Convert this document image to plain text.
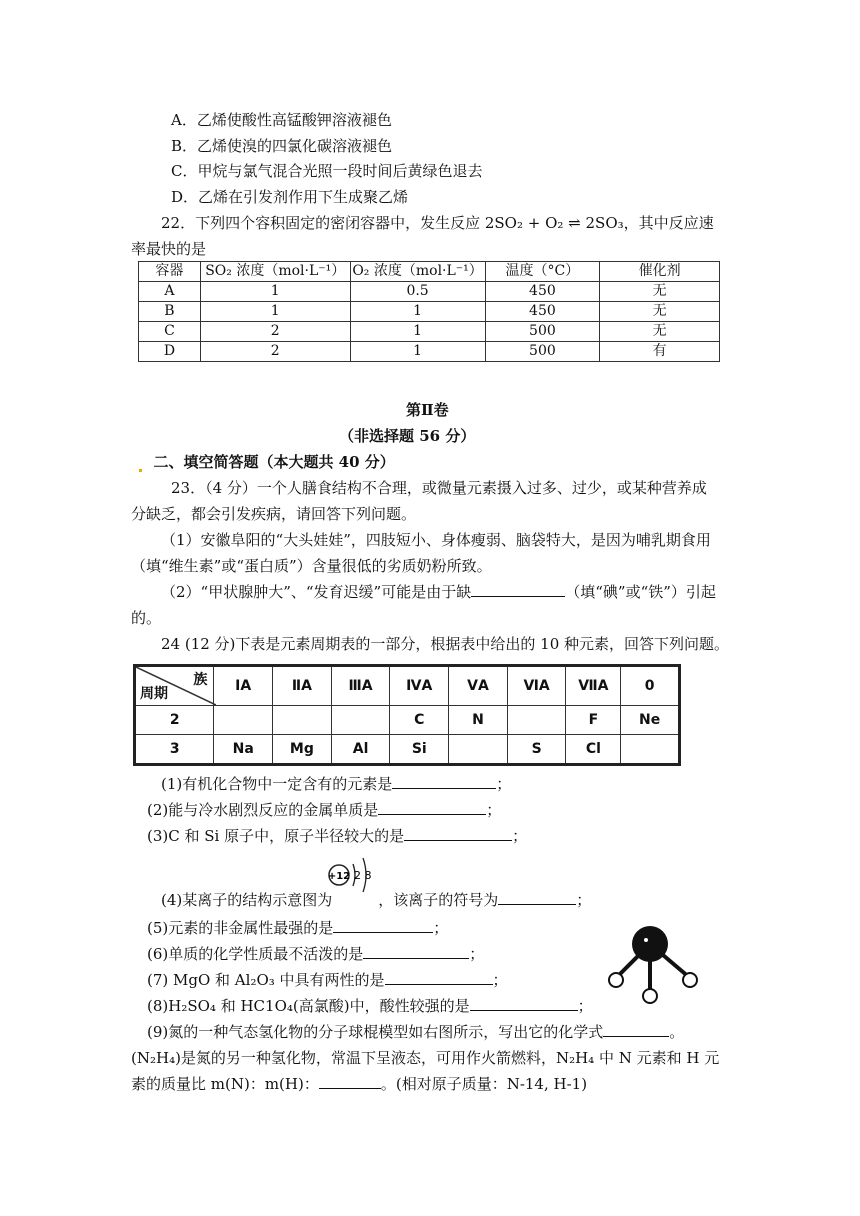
A．乙烯使酸性高锰酸钾溶液褪色
B．乙烯使溴的四氯化碳溶液褪色
C．甲烷与氯气混合光照一段时间后黄绿色退去
D．乙烯在引发剂作用下生成聚乙烯
22．下列四个容积固定的密闭容器中，发生反应 2SO₂ + O₂ ⇌ 2SO₃，其中反应速
率最快的是
容器	SO₂ 浓度（mol·L⁻¹）	O₂ 浓度（mol·L⁻¹）	温度（°C）	催化剂
A	1	0.5	450	无
B	1	1	450	无
C	2	1	500	无
D	2	1	500	有
第Ⅱ卷
（非选择题 56 分）
二、填空简答题（本大题共 40 分）
23．（4 分）一个人膳食结构不合理，或微量元素摄入过多、过少，或某种营养成
分缺乏，都会引发疾病，请回答下列问题。
（1）安徽阜阳的“大头娃娃”，四肢短小、身体瘦弱、脑袋特大，是因为哺乳期食用
（填“维生素”或“蛋白质”）含量很低的劣质奶粉所致。
（2）“甲状腺肿大”、“发育迟缓”可能是由于缺	（填“碘”或“铁”）引起
的。
24 (12 分)下表是元素周期表的一部分，根据表中给出的 10 种元素，回答下列问题。
族
周期	ⅠA	ⅡA	ⅢA	ⅣA	ⅤA	ⅥA	ⅦA	0
2				C	N		F	Ne
3	Na	Mg	Al	Si		S	Cl	
(1)有机化合物中一定含有的元素是	；
(2)能与冷水剧烈反应的金属单质是	；
(3)C 和 Si 原子中，原子半径较大的是	；
+12 2 8
(4)某离子的结构示意图为	，该离子的符号为	；
(5)元素的非金属性最强的是	；
(6)单质的化学性质最不活泼的是	；
(7) MgO 和 Al₂O₃ 中具有两性的是	；
(8)H₂SO₄ 和 HC1O₄(高氯酸)中，酸性较强的是	；
(9)氮的一种气态氢化物的分子球棍模型如右图所示，写出它的化学式	。
(N₂H₄)是氮的另一种氢化物，常温下呈液态，可用作火箭燃料，N₂H₄ 中 N 元素和 H 元
素的质量比 m(N)：m(H)：	。(相对原子质量：N-14, H-1)
